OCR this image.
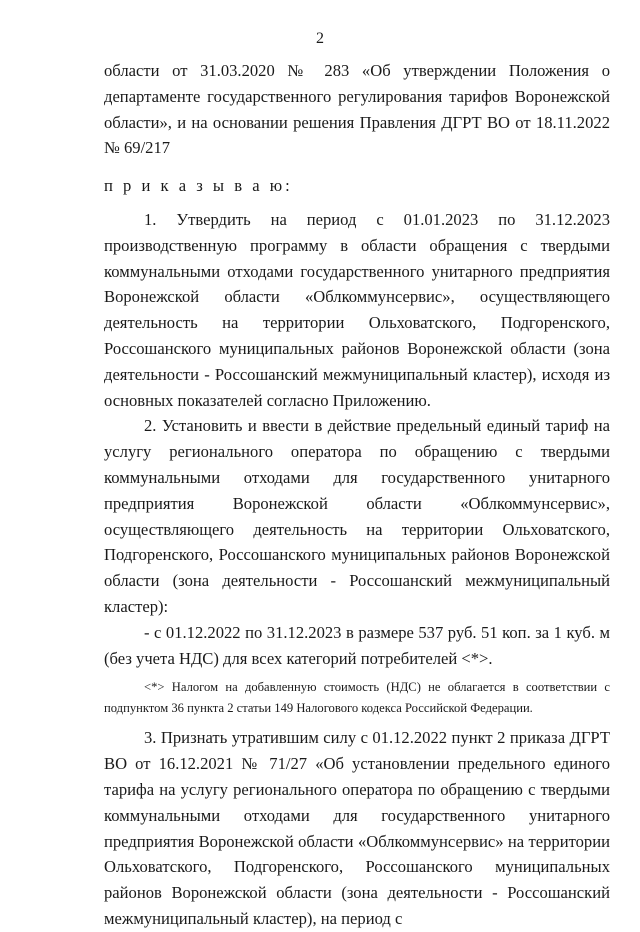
2

области от 31.03.2020 № 283 «Об утверждении Положения о департаменте государственного регулирования тарифов Воронежской области», и на основании решения Правления ДГРТ ВО от 18.11.2022 № 69/217

п р и к а з ы в а ю:

1. Утвердить на период с 01.01.2023 по 31.12.2023 производственную программу в области обращения с твердыми коммунальными отходами государственного унитарного предприятия Воронежской области «Облкоммунсервис», осуществляющего деятельность на территории Ольховатского, Подгоренского, Россошанского муниципальных районов Воронежской области (зона деятельности - Россошанский межмуниципальный кластер), исходя из основных показателей согласно Приложению.

2. Установить и ввести в действие предельный единый тариф на услугу регионального оператора по обращению с твердыми коммунальными отходами для государственного унитарного предприятия Воронежской области «Облкоммунсервис», осуществляющего деятельность на территории Ольховатского, Подгоренского, Россошанского муниципальных районов Воронежской области (зона деятельности - Россошанский межмуниципальный кластер):

- с 01.12.2022 по 31.12.2023 в размере 537 руб. 51 коп. за 1 куб. м (без учета НДС) для всех категорий потребителей <*>.

<*> Налогом на добавленную стоимость (НДС) не облагается в соответствии с подпунктом 36 пункта 2 статьи 149 Налогового кодекса Российской Федерации.

3. Признать утратившим силу с 01.12.2022 пункт 2 приказа ДГРТ ВО от 16.12.2021 № 71/27 «Об установлении предельного единого тарифа на услугу регионального оператора по обращению с твердыми коммунальными отходами для государственного унитарного предприятия Воронежской области «Облкоммунсервис» на территории Ольховатского, Подгоренского, Россошанского муниципальных районов Воронежской области (зона деятельности - Россошанский межмуниципальный кластер), на период с
